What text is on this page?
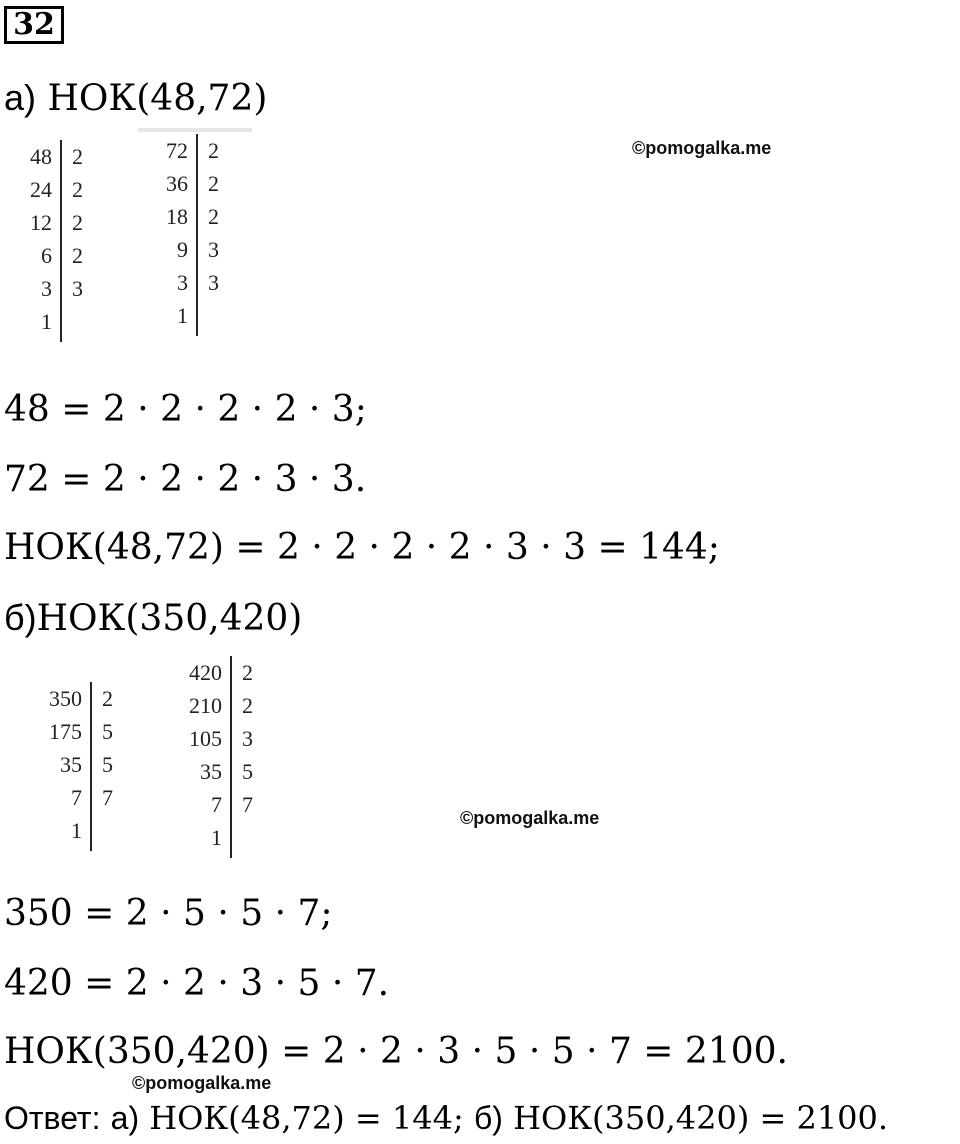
32
а) НОК(48,72)
48
24
12
6
3
1
2
2
2
2
3
72
36
18
9
3
1
2
2
2
3
3
©pomogalka.me
48 = 2 · 2 · 2 · 2 · 3;
72 = 2 · 2 · 2 · 3 · 3.
НОК(48,72) = 2 · 2 · 2 · 2 · 3 · 3 = 144;
б)НОК(350,420)
350
175
35
7
1
2
5
5
7
420
210
105
35
7
1
2
2
3
5
7
©pomogalka.me
350 = 2 · 5 · 5 · 7;
420 = 2 · 2 · 3 · 5 · 7.
НОК(350,420) = 2 · 2 · 3 · 5 · 5 · 7 = 2100.
©pomogalka.me
Ответ: а) НОК(48,72) = 144; б) НОК(350,420) = 2100.
